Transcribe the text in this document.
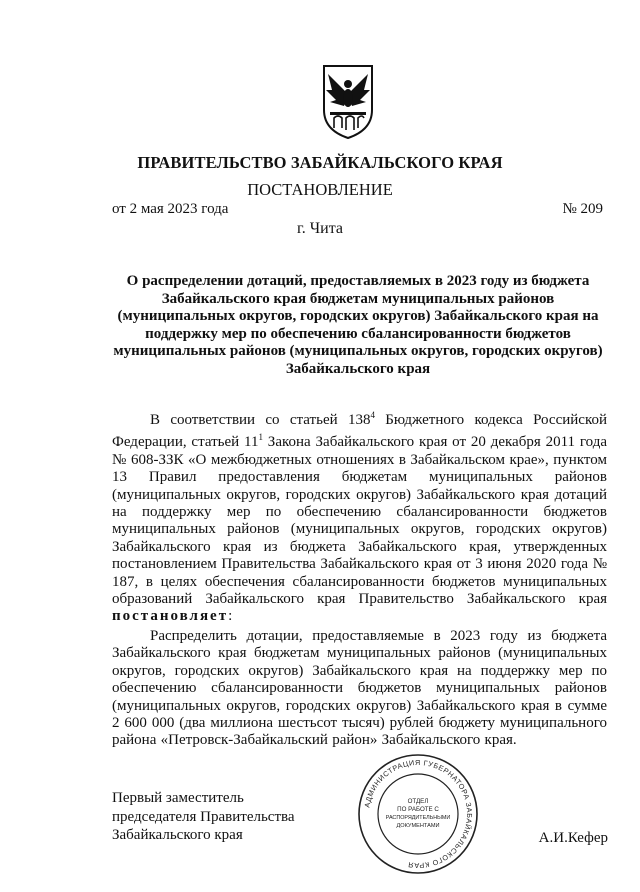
ПРАВИТЕЛЬСТВО ЗАБАЙКАЛЬСКОГО КРАЯ
ПОСТАНОВЛЕНИЕ
от 2 мая 2023 года	№ 209
г. Чита
О распределении дотаций, предоставляемых в 2023 году из бюджета Забайкальского края бюджетам муниципальных районов (муниципальных округов, городских округов) Забайкальского края на поддержку мер по обеспечению сбалансированности бюджетов муниципальных районов (муниципальных округов, городских округов) Забайкальского края
В соответствии со статьей $138^4$ Бюджетного кодекса Российской Федерации, статьей $11^1$ Закона Забайкальского края от 20 декабря 2011 года № 608-ЗЗК «О межбюджетных отношениях в Забайкальском крае», пунктом 13 Правил предоставления бюджетам муниципальных районов (муниципальных округов, городских округов) Забайкальского края дотаций на поддержку мер по обеспечению сбалансированности бюджетов муниципальных районов (муниципальных округов, городских округов) Забайкальского края из бюджета Забайкальского края, утвержденных постановлением Правительства Забайкальского края от 3 июня 2020 года № 187, в целях обеспечения сбалансированности бюджетов муниципальных образований Забайкальского края Правительство Забайкальского края постановляет:
Распределить дотации, предоставляемые в 2023 году из бюджета Забайкальского края бюджетам муниципальных районов (муниципальных округов, городских округов) Забайкальского края на поддержку мер по обеспечению сбалансированности бюджетов муниципальных районов (муниципальных округов, городских округов) Забайкальского края в сумме 2 600 000 (два миллиона шестьсот тысяч) рублей бюджету муниципального района «Петровск-Забайкальский район» Забайкальского края.
Первый заместитель
председателя Правительства
Забайкальского края	А.И.Кефер
АДМИНИСТРАЦИЯ ГУБЕРНАТОРА ЗАБАЙКАЛЬСКОГО КРАЯ
ОТДЕЛ
ПО РАБОТЕ С
РАСПОРЯДИТЕЛЬНЫМИ
ДОКУМЕНТАМИ
